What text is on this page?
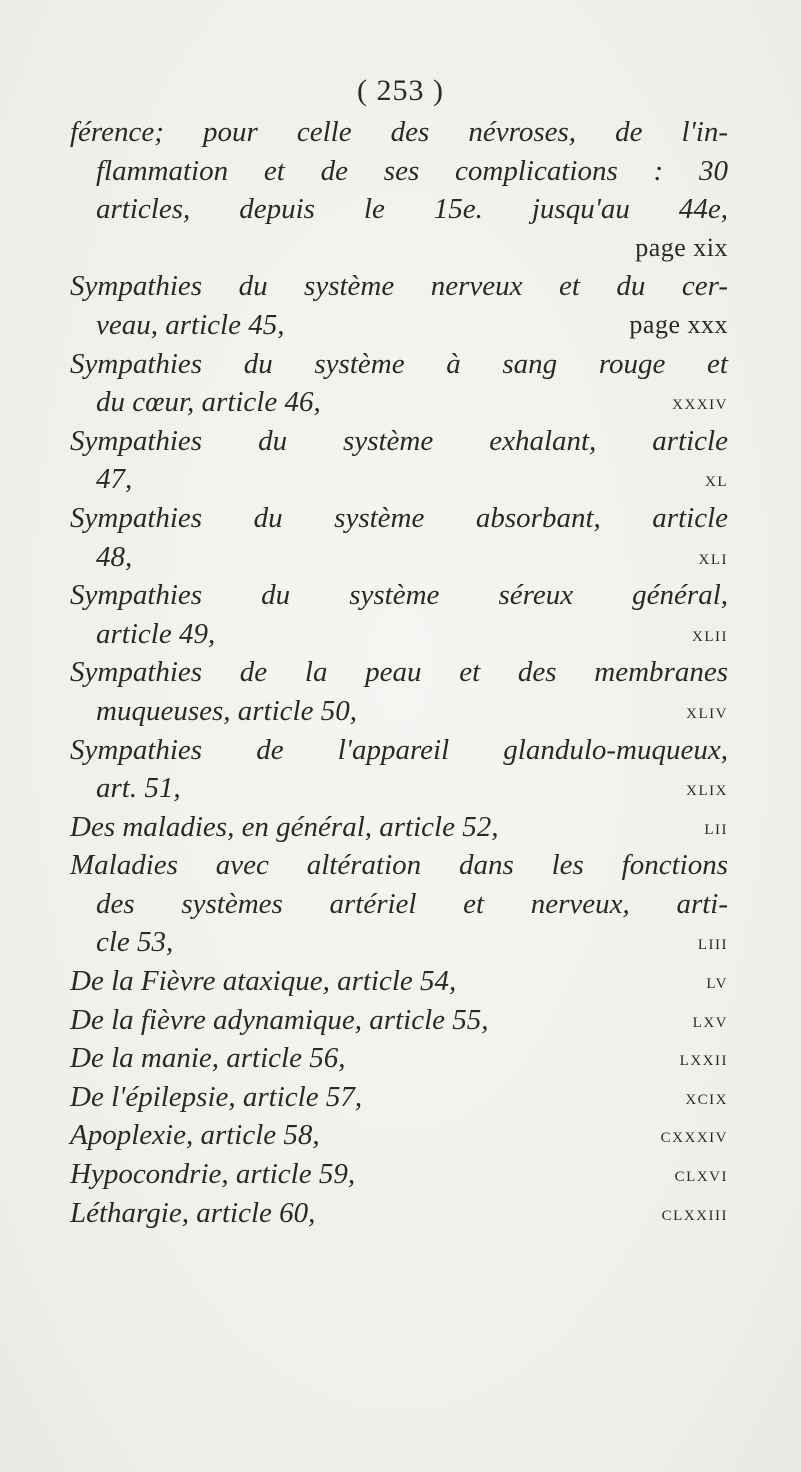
( 253 )
férence; pour celle des névroses, de l'in-
flammation et de ses complications : 30
articles, depuis le 15e. jusqu'au 44e,
page xix
Sympathies du système nerveux et du cer-
veau, article 45,	page xxx
Sympathies du système à sang rouge et
du cœur, article 46,	xxxiv
Sympathies du système exhalant, article
47,	xl
Sympathies du système absorbant, article
48,	xli
Sympathies du système séreux général,
article 49,	xlii
Sympathies de la peau et des membranes
muqueuses, article 50,	xliv
Sympathies de l'appareil glandulo-muqueux,
art. 51,	xlix
Des maladies, en général, article 52,	lii
Maladies avec altération dans les fonctions
des systèmes artériel et nerveux, arti-
cle 53,	liii
De la Fièvre ataxique, article 54,	lv
De la fièvre adynamique, article 55,	lxv
De la manie, article 56,	lxxii
De l'épilepsie, article 57,	xcix
Apoplexie, article 58,	cxxxiv
Hypocondrie, article 59,	clxvi
Léthargie, article 60,	clxxiii
